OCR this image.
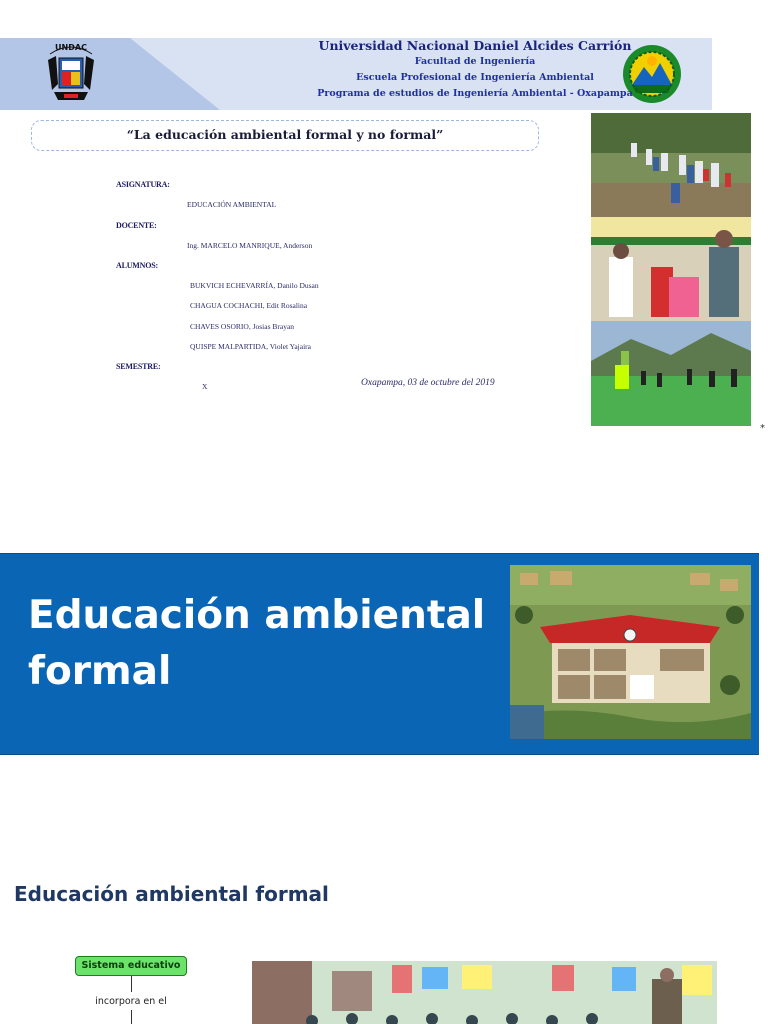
UNDAC	Universidad Nacional Daniel Alcides Carrión
Facultad de Ingeniería
Escuela Profesional de Ingeniería Ambiental
Programa de estudios de Ingeniería Ambiental - Oxapampa
“La educación ambiental formal y no formal”
ASIGNATURA:
EDUCACIÓN AMBIENTAL
DOCENTE:
Ing. MARCELO MANRIQUE, Anderson
ALUMNOS:
BUKVICH ECHEVARRÍA, Danilo Dusan
CHAGUA COCHACHI, Edit Rosalina
CHAVES OSORIO, Josias Brayan
QUISPE MALPARTIDA, Violet Yajaira
SEMESTRE:
X	Oxapampa, 03 de octubre del 2019
*
Educación ambiental formal
Educación ambiental formal
Sistema educativo
incorpora en el
